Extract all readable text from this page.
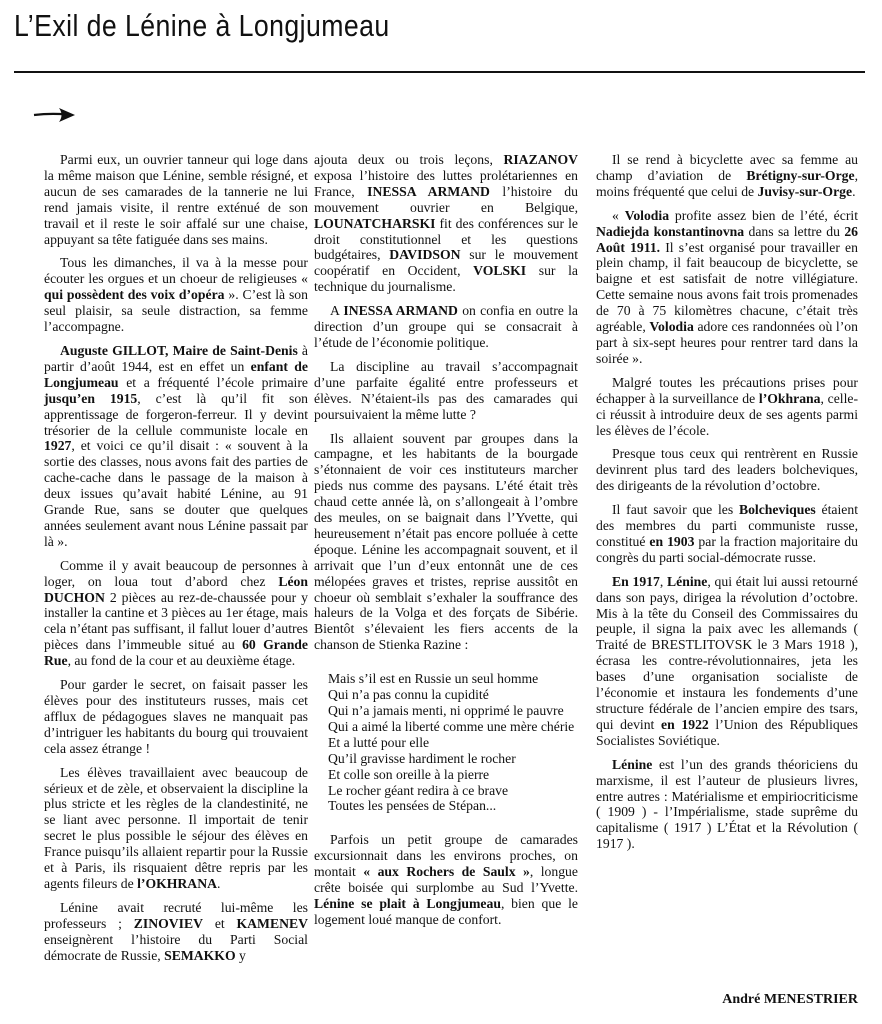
L’Exil de Lénine à Longjumeau

Parmi eux, un ouvrier tanneur qui loge dans la même maison que Lénine, semble résigné, et aucun de ses camarades de la tannerie ne lui rend jamais visite, il rentre exténué de son travail et il reste le soir affalé sur une chaise, appuyant sa tête fatiguée dans ses mains.

Tous les dimanches, il va à la messe pour écouter les orgues et un choeur de religieuses « qui possèdent des voix d’opéra ». C’est là son seul plaisir, sa seule distraction, sa femme l’accompagne.

Auguste GILLOT, Maire de Saint-Denis à partir d’août 1944, est en effet un enfant de Longjumeau et a fréquenté l’école primaire jusqu’en 1915, c’est là qu’il fit son apprentissage de forgeron-ferreur. Il y devint trésorier de la cellule communiste locale en 1927, et voici ce qu’il disait : « souvent à la sortie des classes, nous avons fait des parties de cache-cache dans le passage de la maison à deux issues qu’avait habité Lénine, au 91 Grande Rue, sans se douter que quelques années seulement avant nous Lénine passait par là ».

Comme il y avait beaucoup de personnes à loger, on loua tout d’abord chez Léon DUCHON 2 pièces au rez-de-chaussée pour y installer la cantine et 3 pièces au 1er étage, mais cela n’étant pas suffisant, il fallut louer d’autres pièces dans l’immeuble situé au 60 Grande Rue, au fond de la cour et au deuxième étage.

Pour garder le secret, on faisait passer les élèves pour des instituteurs russes, mais cet afflux de pédagogues slaves ne manquait pas d’intriguer les habitants du bourg qui trouvaient cela assez étrange !

Les élèves travaillaient avec beaucoup de sérieux et de zèle, et observaient la discipline la plus stricte et les règles de la clandestinité, ne se liant avec personne. Il importait de tenir secret le plus possible le séjour des élèves en France puisqu’ils allaient repartir pour la Russie et à Paris, ils risquaient dêtre repris par les agents fileurs de l’OKHRANA.

Lénine avait recruté lui-même les professeurs ; ZINOVIEV et KAMENEV enseignèrent l’histoire du Parti Social démocrate de Russie, SEMAKKO y

ajouta deux ou trois leçons, RIAZANOV exposa l’histoire des luttes prolétariennes en France, INESSA ARMAND l’histoire du mouvement ouvrier en Belgique, LOUNATCHARSKI fit des conférences sur le droit constitutionnel et les questions budgétaires, DAVIDSON sur le mouvement coopératif en Occident, VOLSKI sur la technique du journalisme.

A INESSA ARMAND on confia en outre la direction d’un groupe qui se consacrait à l’étude de l’économie politique.

La discipline au travail s’accompagnait d’une parfaite égalité entre professeurs et élèves. N’étaient-ils pas des camarades qui poursuivaient la même lutte ?

Ils allaient souvent par groupes dans la campagne, et les habitants de la bourgade s’étonnaient de voir ces instituteurs marcher pieds nus comme des paysans. L’été était très chaud cette année là, on s’allongeait à l’ombre des meules, on se baignait dans l’Yvette, qui heureusement n’était pas encore polluée à cette époque. Lénine les accompagnait souvent, et il arrivait que l’un d’eux entonnât une de ces mélopées graves et tristes, reprise aussitôt en choeur où semblait s’exhaler la souffrance des haleurs de la Volga et des forçats de Sibérie. Bientôt s’élevaient les fiers accents de la chanson de Stienka Razine :

Mais s’il est en Russie un seul homme
Qui n’a pas connu la cupidité
Qui n’a jamais menti, ni opprimé le pauvre
Qui a aimé la liberté comme une mère chérie
Et a lutté pour elle
Qu’il gravisse hardiment le rocher
Et colle son oreille à la pierre
Le rocher géant redira à ce brave
Toutes les pensées de Stépan...

Parfois un petit groupe de camarades excursionnait dans les environs proches, on montait « aux Rochers de Saulx », longue crête boisée qui surplombe au Sud l’Yvette. Lénine se plait à Longjumeau, bien que le logement loué manque de confort.

Il se rend à bicyclette avec sa femme au champ d’aviation de Brétigny-sur-Orge, moins fréquenté que celui de Juvisy-sur-Orge.

« Volodia profite assez bien de l’été, écrit Nadiejda konstantinovna dans sa lettre du 26 Août 1911. Il s’est organisé pour travailler en plein champ, il fait beaucoup de bicyclette, se baigne et est satisfait de notre villégiature. Cette semaine nous avons fait trois promenades de 70 à 75 kilomètres chacune, c’était très agréable, Volodia adore ces randonnées où l’on part à six-sept heures pour rentrer tard dans la soirée ».

Malgré toutes les précautions prises pour échapper à la surveillance de l’Okhrana, celle-ci réussit à introduire deux de ses agents parmi les élèves de l’école.

Presque tous ceux qui rentrèrent en Russie devinrent plus tard des leaders bolcheviques, des dirigeants de la révolution d’octobre.

Il faut savoir que les Bolcheviques étaient des membres du parti communiste russe, constitué en 1903 par la fraction majoritaire du congrès du parti social-démocrate russe.

En 1917, Lénine, qui était lui aussi retourné dans son pays, dirigea la révolution d’octobre. Mis à la tête du Conseil des Commissaires du peuple, il signa la paix avec les allemands ( Traité de BRESTLITOVSK le 3 Mars 1918 ), écrasa les contre-révolutionnaires, jeta les bases d’une organisation socialiste de l’économie et instaura les fondements d’une structure fédérale de l’ancien empire des tsars, qui devint en 1922 l’Union des Républiques Socialistes Soviétique.

Lénine est l’un des grands théoriciens du marxisme, il est l’auteur de plusieurs livres, entre autres : Matérialisme et empiriocriticisme ( 1909 ) - l’Impérialisme, stade suprême du capitalisme ( 1917 ) L’État et la Révolution ( 1917 ).

André MENESTRIER
